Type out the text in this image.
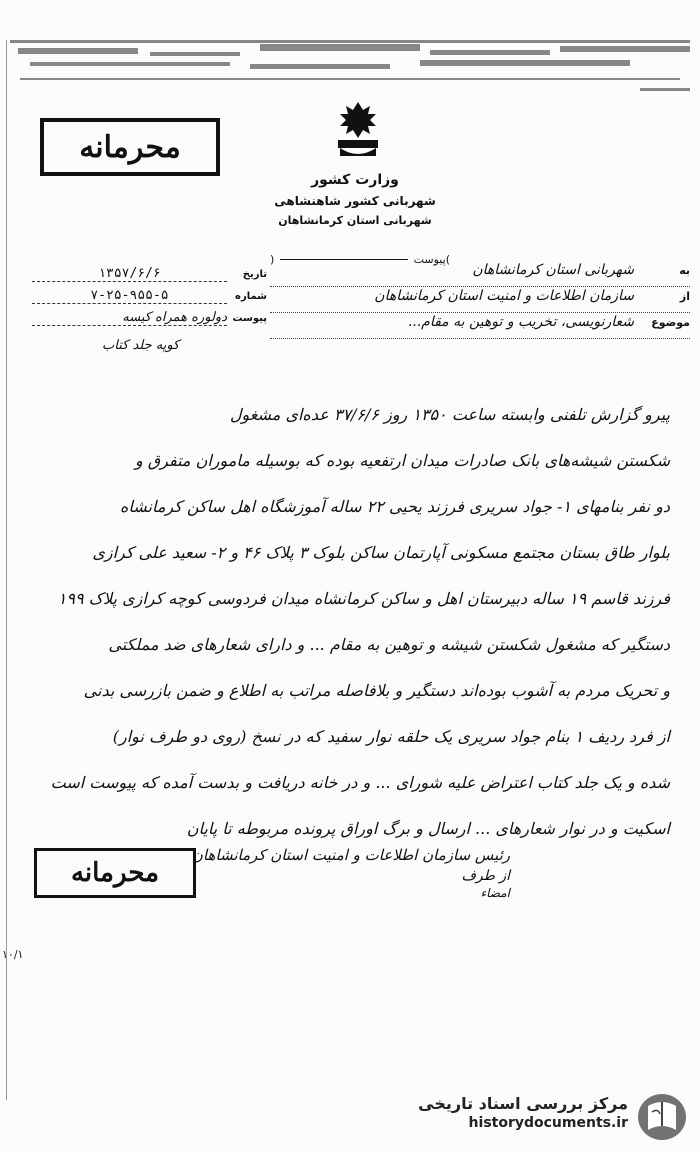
محرمانه
وزارت کشور
شهربانی کشور شاهنشاهی
شهربانی استان کرمانشاهان
)
پیوست
(
تاریخ
۱۳۵۷/۶/۶
شماره
۷-۲۵-۹۵۵-۵
پیوست
دولوره همراه کیسه
کوپه جلد کتاب
به
شهربانی استان کرمانشاهان
از
سازمان اطلاعات و امنیت استان کرمانشاهان
موضوع
شعارنویسی، تخریب و توهین به مقام...
پیرو گزارش تلفنی وابسته ساعت ۱۳۵۰ روز ۳۷/۶/۶ عده‌ای مشغول
شکستن شیشه‌های بانک صادرات میدان ارتفعیه بوده که بوسیله ماموران متفرق و
دو نفر بنامهای ۱- جواد سریری فرزند یحیی ۲۲ ساله آموزشگاه اهل ساکن کرمانشاه
بلوار طاق بستان مجتمع مسکونی آپارتمان ساکن بلوک ۳ پلاک ۴۶ و ۲- سعید علی کرازی
فرزند قاسم ۱۹ ساله دبیرستان اهل و ساکن کرمانشاه میدان فردوسی کوچه کرازی پلاک ۱۹۹
دستگیر که مشغول شکستن شیشه و توهین به مقام ... و دارای شعارهای ضد مملکتی
و تحریک مردم به آشوب بوده‌اند دستگیر و بلافاصله مراتب به اطلاع و ضمن بازرسی بدنی
از فرد ردیف ۱ بنام جواد سریری یک حلقه نوار سفید که در نسخ (روی دو طرف نوار)
شده و یک جلد کتاب اعتراض علیه شورای ... و در خانه دریافت و بدست آمده که پیوست است
اسکیت و در نوار شعارهای ... ارسال و برگ اوراق پرونده مربوطه تا پایان
محرمانه
رئیس سازمان اطلاعات و امنیت استان کرمانشاهان
از طرف
امضاء
۱۰/۱
مرکز بررسی اسناد تاریخی
historydocuments.ir
